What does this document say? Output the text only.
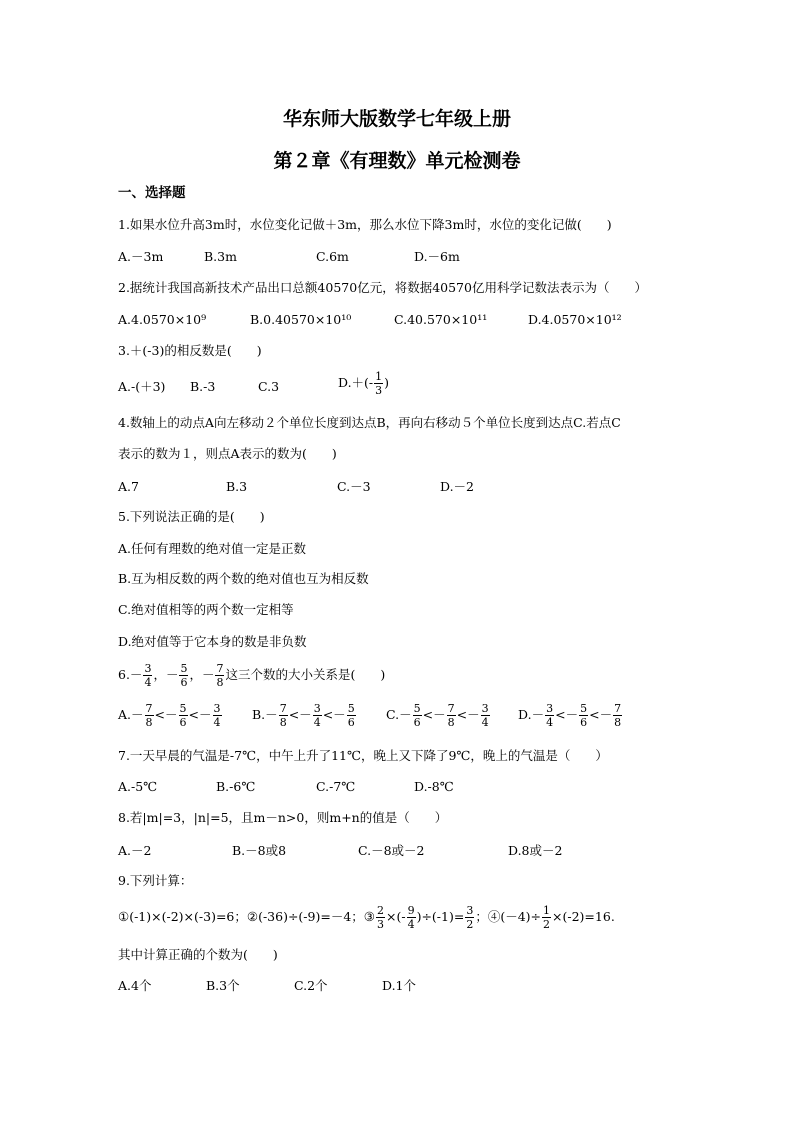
华东师大版数学七年级上册
第２章《有理数》单元检测卷
一、选择题
1.如果水位升高3m时，水位变化记做＋3m，那么水位下降3m时，水位的变化记做(　　)
A.－3m	B.3m	C.6m	D.－6m
2.据统计我国高新技术产品出口总额40570亿元，将数据40570亿用科学记数法表示为（　　）
A.4.0570×10⁹	B.0.40570×10¹⁰	C.40.570×10¹¹	D.4.0570×10¹²
3.＋(-3)的相反数是(　　)
A.-(＋3) B.-3	C.3	$D.+(- \frac{1}{3}$ )
4.数轴上的动点A向左移动２个单位长度到达点B，再向右移动５个单位长度到达点C.若点C
表示的数为１，则点A表示的数为(　　)
A.7	B.3	C.－3	D.－2
5.下列说法正确的是(　　)
A.任何有理数的绝对值一定是正数
B.互为相反数的两个数的绝对值也互为相反数
C.绝对值相等的两个数一定相等
D.绝对值等于它本身的数是非负数
$6.- \frac{3}{4}$ ，－ $\frac{5}{6}$ ，－ $\frac{7}{8}$ 这三个数的大小关系是(　　)
$A.- \frac{7}{8} <- \frac{5}{6} <- \frac{3}{4} B.- \frac{7}{8} <- \frac{3}{4} <- \frac{5}{6} C.- \frac{5}{6} <- \frac{7}{8} <- \frac{3}{4} D.- \frac{3}{4} <- \frac{5}{6} <- \frac{7}{8}$
7.一天早晨的气温是-7℃，中午上升了11℃，晚上又下降了9℃，晚上的气温是（　　）
A.-5℃	B.-6℃	C.-7℃	D.-8℃
8.若|m|=3，|n|=5，且m－n>0，则m+n的值是（　　）
A.－2	B.－8或8	C.－8或－2	D.8或－2
9.下列计算：
①(-1)×(-2)×(-3)=6；②(-36)÷(-9)=－4；③ $\frac{2}{3}$ ×(- $\frac{9}{4} )\div(-1)= \frac{3}{2}$ ；④(－4)÷ $\frac{1}{2} \times(-2)=16$.
其中计算正确的个数为(　　)
A.4个	B.3个	C.2个	D.1个
